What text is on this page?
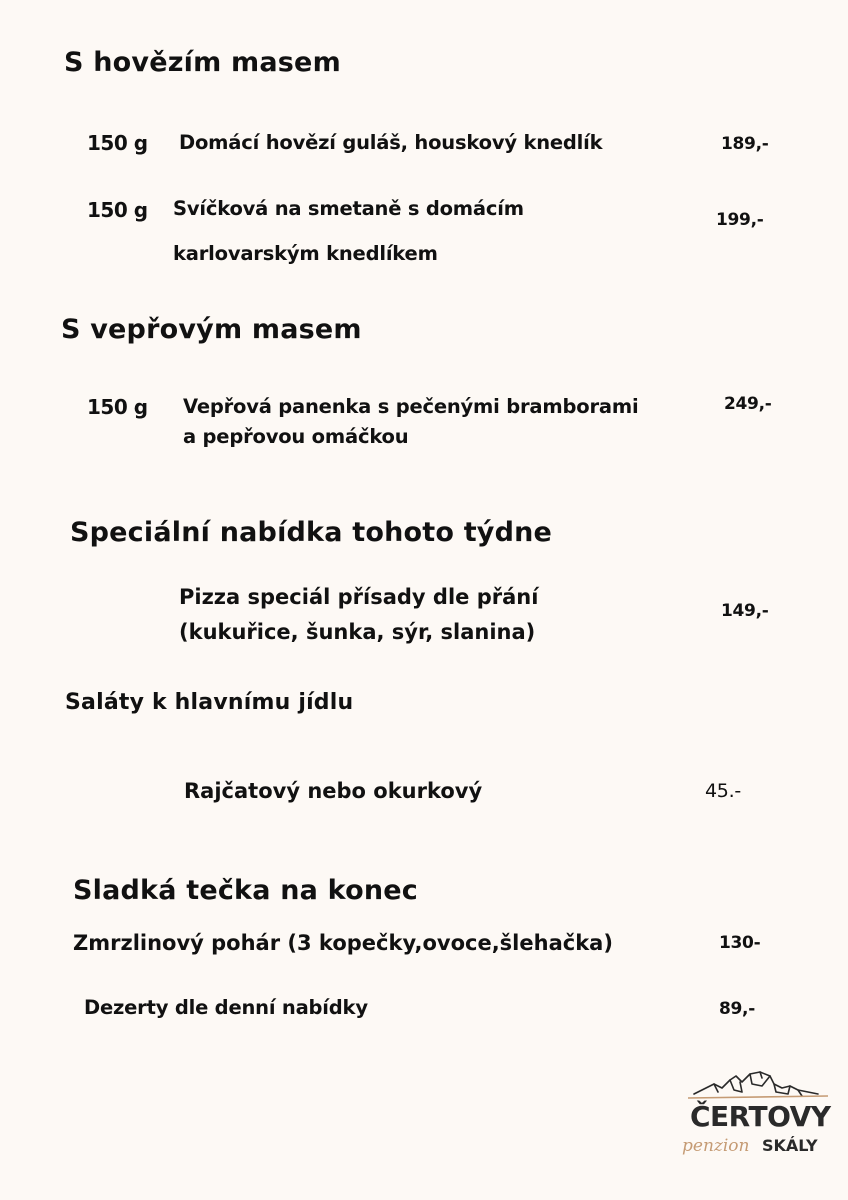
S hovězím masem
150 g Domácí hovězí guláš, houskový knedlík	189,-
150 g Svíčková na smetaně s domácím
karlovarským knedlíkem
199,-
S vepřovým masem
150 g Vepřová panenka s pečenými bramborami
a pepřovou omáčkou
249,-
Speciální nabídka tohoto týdne
Pizza speciál přísady dle přání
(kukuřice, šunka, sýr, slanina)
149,-
Saláty k hlavnímu jídlu
Rajčatový nebo okurkový	45.-
Sladká tečka na konec
Zmrzlinový pohár (3 kopečky,ovoce,šlehačka)	130-
Dezerty dle denní nabídky	89,-
ČERTOVY
penzion SKÁLY
